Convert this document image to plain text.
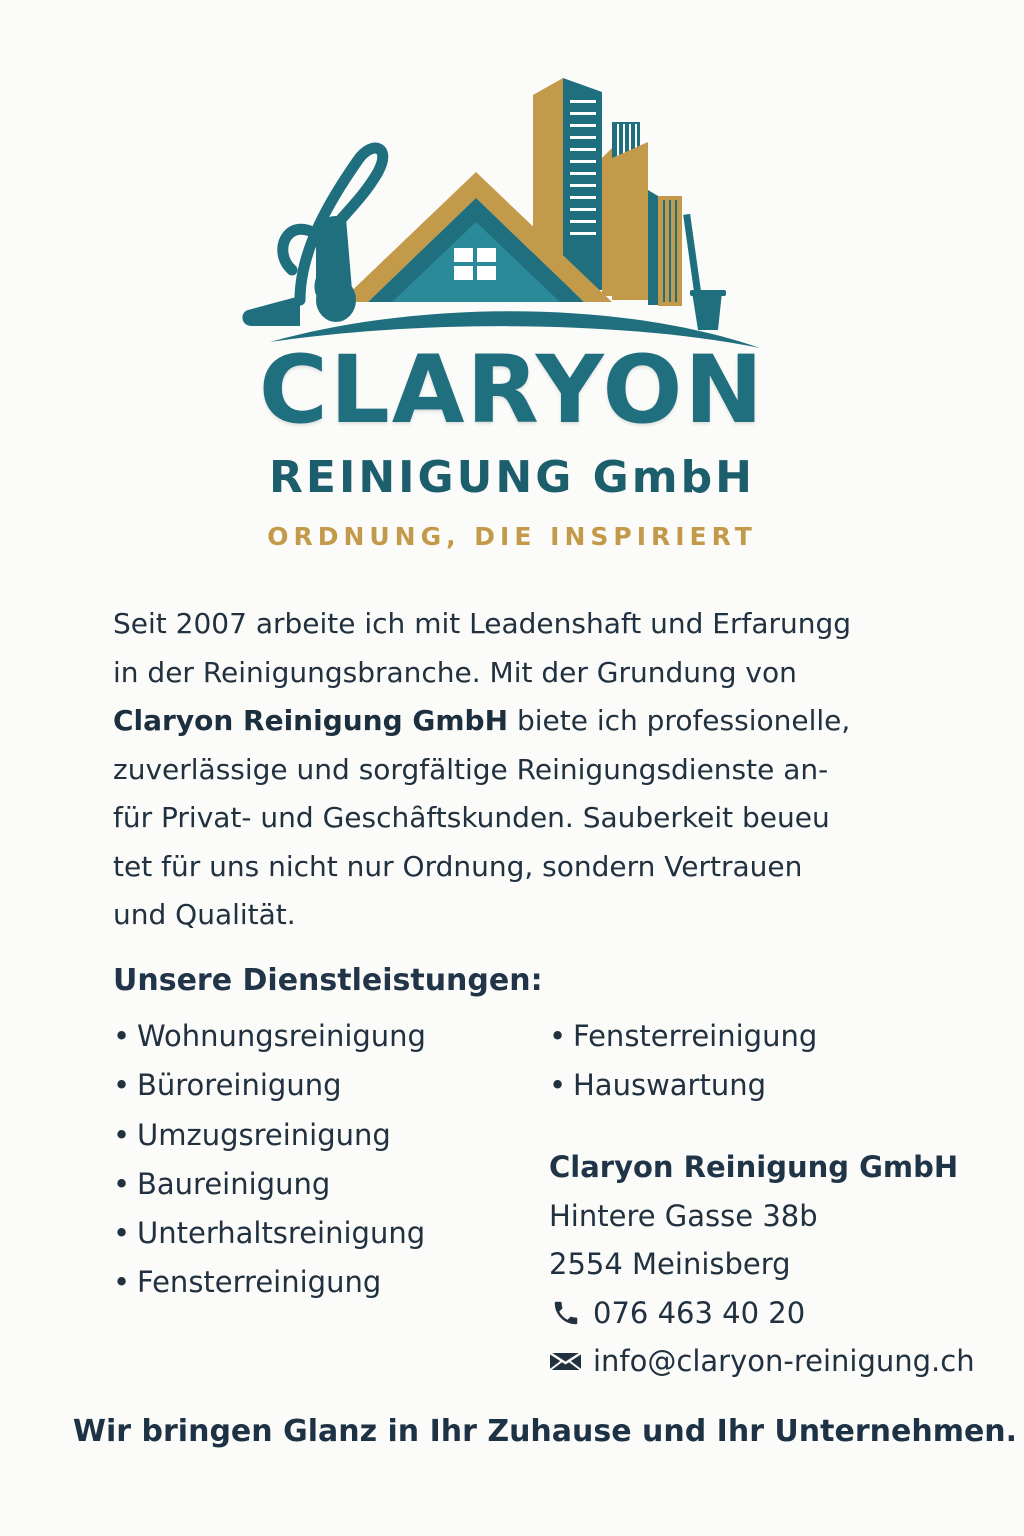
CLARYON
REINIGUNG GmbH
ORDNUNG, DIE INSPIRIERT
Seit 2007 arbeite ich mit Leadenshaft und Erfarungg
in der Reinigungsbranche. Mit der Grundung von
Claryon Reinigung GmbH biete ich professionelle,
zuverlässige und sorgfältige Reinigungsdienste an-
für Privat- und Geschȃftskunden. Sauberkeit beueu
tet für uns nicht nur Ordnung, sondern Vertrauen
und Qualität.
Unsere Dienstleistungen:
• Wohnungsreinigung
• Büroreinigung
• Umzugsreinigung
• Baureinigung
• Unterhaltsreinigung
• Fensterreinigung
• Fensterreinigung
• Hauswartung
Claryon Reinigung GmbH
Hintere Gasse 38b
2554 Meinisberg
076 463 40 20
info@claryon-reinigung.ch
Wir bringen Glanz in Ihr Zuhause und Ihr Unternehmen.
